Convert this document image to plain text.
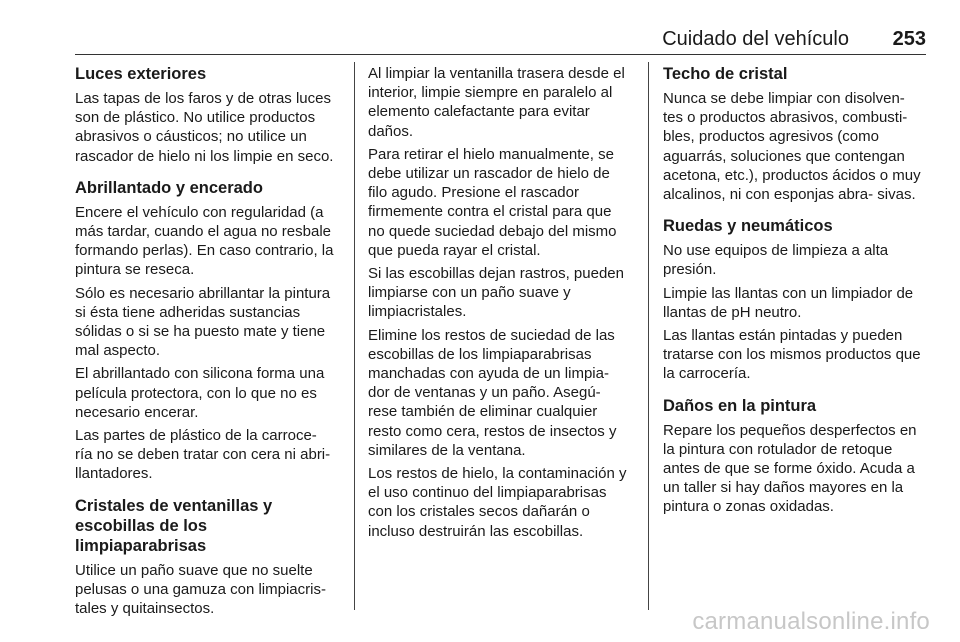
Cuidado del vehículo 253
Luces exteriores

Las tapas de los faros y de otras luces son de plástico. No utilice productos abrasivos o cáusticos; no utilice un rascador de hielo ni los limpie en seco.

Abrillantado y encerado

Encere el vehículo con regularidad (a más tardar, cuando el agua no resbale formando perlas). En caso contrario, la pintura se reseca.

Sólo es necesario abrillantar la pintura si ésta tiene adheridas sustancias sólidas o si se ha puesto mate y tiene mal aspecto.

El abrillantado con silicona forma una película protectora, con lo que no es necesario encerar.

Las partes de plástico de la carroce- ría no se deben tratar con cera ni abri- llantadores.

Cristales de ventanillas y escobillas de los limpiaparabrisas

Utilice un paño suave que no suelte pelusas o una gamuza con limpiacris- tales y quitainsectos.

Al limpiar la ventanilla trasera desde el interior, limpie siempre en paralelo al elemento calefactante para evitar daños.

Para retirar el hielo manualmente, se debe utilizar un rascador de hielo de filo agudo. Presione el rascador firmemente contra el cristal para que no quede suciedad debajo del mismo que pueda rayar el cristal.

Si las escobillas dejan rastros, pueden limpiarse con un paño suave y limpiacristales.

Elimine los restos de suciedad de las escobillas de los limpiaparabrisas manchadas con ayuda de un limpia- dor de ventanas y un paño. Asegú- rese también de eliminar cualquier resto como cera, restos de insectos y similares de la ventana.

Los restos de hielo, la contaminación y el uso continuo del limpiaparabrisas con los cristales secos dañarán o incluso destruirán las escobillas.

Techo de cristal

Nunca se debe limpiar con disolven- tes o productos abrasivos, combusti- bles, productos agresivos (como aguarrás, soluciones que contengan acetona, etc.), productos ácidos o muy alcalinos, ni con esponjas abra- sivas.

Ruedas y neumáticos

No use equipos de limpieza a alta presión.

Limpie las llantas con un limpiador de llantas de pH neutro.

Las llantas están pintadas y pueden tratarse con los mismos productos que la carrocería.

Daños en la pintura

Repare los pequeños desperfectos en la pintura con rotulador de retoque antes de que se forme óxido. Acuda a un taller si hay daños mayores en la pintura o zonas oxidadas.

carmanualsonline.info
